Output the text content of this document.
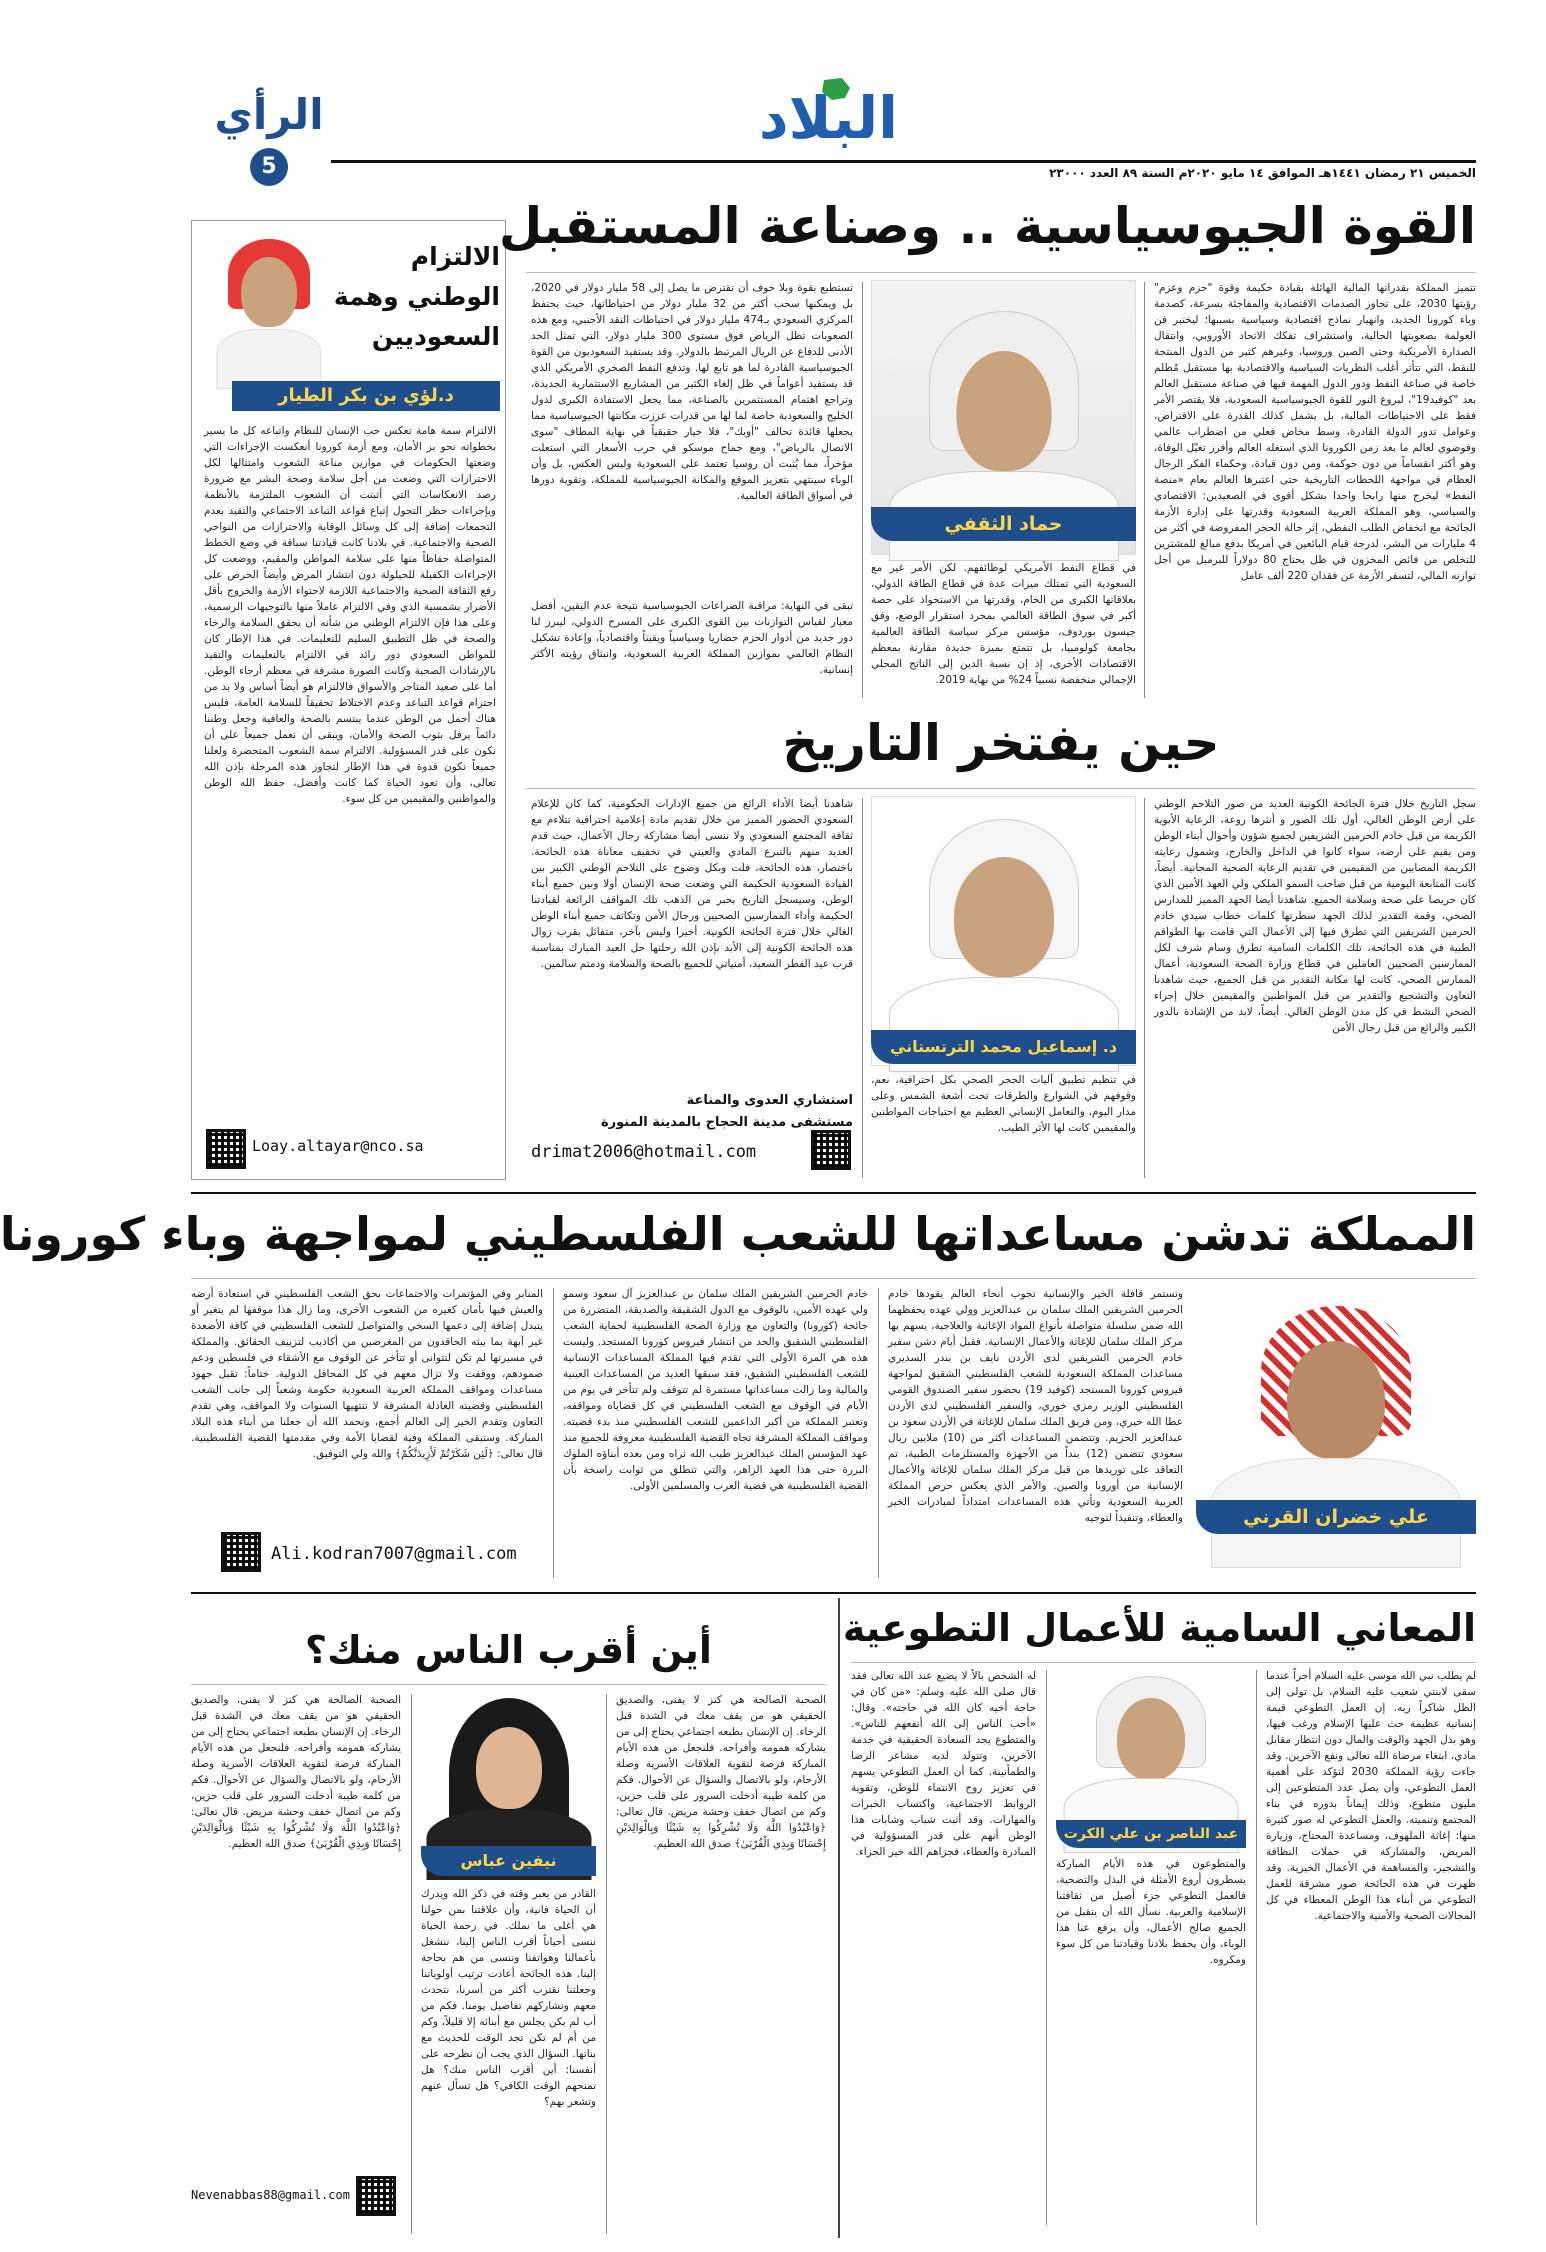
البلاد
الرأي
5	الخميس ٢١ رمضان ١٤٤١هـ الموافق ١٤ مايو ٢٠٢٠م السنة ٨٩ العدد ٢٣٠٠٠
الالتزام
الوطني وهمة
السعوديين
د.لؤي بن بكر الطيار
الالتزام سمة هامة تعكس حب الإنسان للنظام واتباعه كل ما يسير بخطواته نحو بر الأمان، ومع أزمة كورونا أنعكست الإجراءات التي وضعتها الحكومات في موازين مناعة الشعوب وامتثالها لكل الاحترازات التي وضعت من أجل سلامة وصحة البشر مع ضرورة رصد الانعكاسات التي أثبتت أن الشعوب الملتزمة بالأنظمة وبإجراءات حظر التجول إتباع قواعد التباعد الاجتماعي والتقيد بعدم التجمعات إضافة إلى كل وسائل الوقاية والاحترازات من النواحي الصحية والاجتماعية. في بلادنا كانت قيادتنا سباقة في وضع الخطط المتواصلة حفاظاً منها على سلامة المواطن والمقيم، ووضعت كل الإجراءات الكفيلة للحيلولة دون انتشار المرض وأيضاً الحرص على رفع الثقافة الصحية والاجتماعية اللازمة لاحتواء الأزمة والخروج بأقل الأضرار بشمسية الذي وفي الالتزام عاملاً منها بالتوجيهات الرسمية، وعلى هذا فإن الالتزام الوطني من شأنه أن يحقق السلامة والرخاء والصحة في ظل التطبيق السليم للتعليمات. في هذا الإطار كان للمواطن السعودي دور رائد في الالتزام بالتعليمات والتقيد بالإرشادات الصحية وكانت الصورة مشرفة في معظم أرجاء الوطن. أما على صعيد المتاجر والأسواق فالالتزام هو أيضاً أساس ولا بد من احترام قواعد التباعد وعدم الاختلاط تحقيقاً للسلامة العامة، فليس هناك أجمل من الوطن عندما يبتسم بالصحة والعافية وجعل وطننا دائماً يرفل بثوب الصحة والأمان، ويبقى أن نعمل جميعاً على أن نكون على قدر المسؤولية. الالتزام سمة الشعوب المتحضرة ولعلنا جميعاً نكون قدوة في هذا الإطار لتجاوز هذه المرحلة بإذن الله تعالى، وأن تعود الحياة كما كانت وأفضل، حفظ الله الوطن والمواطنين والمقيمين من كل سوء.
Loay.altayar@nco.sa
القوة الجيوسياسية .. وصناعة المستقبل
تتميز المملكة بقدراتها المالية الهائلة بقيادة حكيمة وقوة "حزم وعزم" رؤيتها 2030، على تجاوز الصدمات الاقتصادية والمفاجئة بسرعة، كصدمة وباء كورونا الجديد، وانهيار نماذج اقتصادية وسياسية بسببها؛ ليختبر فن العولمة بصعوبتها الحالية، واستشراف تفكك الاتحاد الأوروبي، وانتقال الصدارة الأمريكية وحتى الصين وروسيا، وغيرهم كثير من الدول المنتجة للنفط، التي تتأثر أغلب النظريات السياسية والاقتصادية بها مستقبل مُظلم خاصة في صناعة النفط ودور الدول المهمة فيها في صناعة مستقبل العالم بعد "كوفيد19"، لبروغ النور للقوة الجيوسياسية السعودية، فلا يقتصر الأمر فقط على الاحتياطات المالية، بل يشمل كذلك القدرة على الاقتراض، وعوامل تدور الدولة القادرة، وسط مخاض فعلي من اضطراب عالمي وفوضوي لعالم ما بعد زمن الكورونا الذي استغله العالم وأفرز تغيّل الوفاة، وهو أكثر انقساماً من دون حوكمة، ومن دون قيادة، وحكماء الفكر الرجال العظام في مواجهة اللحظات التاريخية حتى اعتبرها العالم بعام «منصة النفط» ليخرج منها رابحا واحدا بشكل أقوى في الصعيدين: الاقتصادي والسياسي، وهو المملكة العربية السعودية وقدرتها على إدارة الأزمة الجائحة مع انخفاض الطلب النفطي، إثر حالة الحجر المفروضة في أكثر من 4 مليارات من البشر، لدرجة قيام البائعين في أمريكا بدفع مبالغ للمشترين للتخلص من فائض المخزون في ظل يحتاج 80 دولاراً للبرميل من أجل توازنه المالي، لتسفر الأزمة عن فقدان 220 ألف عامل
حماد الثقفي
في قطاع النفط الأمريكي لوظائفهم. لكن الأمر غير مع السعودية التي تمتلك ميزات عدة في قطاع الطاقة الدولي، بعلاقاتها الكبرى من الخام، وقدرتها من الاستحواذ على حصة أكبر في سوق الطاقة العالمي بمجرد استقرار الوضع، وفق جيسون بوردوف، مؤسس مركز سياسة الطاقة العالمية بجامعة كولومبيا، بل تتمتع بميزة جديدة مقارنة بمعظم الاقتصادات الأخرى، إذ إن نسبة الدين إلى الناتج المحلي الإجمالي منخفضة نسبياً 24% من نهاية 2019.
تستطيع بقوة وبلا خوف أن تقترض ما يصل إلى 58 مليار دولار في 2020، بل ويمكنها سحب أكثر من 32 مليار دولار من احتياطاتها، حيث يحتفظ المركزي السعودي بـ474 مليار دولار في احتياطات النقد الأجنبي، ومع هذه الصعوبات تظل الرياض فوق مستوى 300 مليار دولار، التي تمثل الحد الأدنى للدفاع عن الريال المرتبط بالدولار. وقد يستفيد السعوديون من القوة الجيوسياسية القادرة لما هو تابع لها. وتدفع النفط الصخري الأمريكي الذي قد يستفيد أعواماً في ظل إلغاء الكثير من المشاريع الاستثمارية الجديدة، وتراجع اهتمام المستثمرين بالصناعة، مما يجعل الاستفادة الكبرى لدول الخليج والسعودية خاصة لما لها من قدرات عززت مكانتها الجيوسياسية مما يجعلها قائدة تحالف "أوبك"، فلا خيار حقيقياً في نهاية المطاف "سوى الاتصال بالرياض"، ومع جماح موسكو في حرب الأسعار التي استعلت مؤخراً، مما يُثبت أن روسيا تعتمد على السعودية وليس العكس، بل وأن الوباء سينتهي بتعزيز الموقع والمكانة الجيوسياسية للمملكة، وتقوية دورها في أسواق الطاقة العالمية.
تبقى في النهاية: مراقبة الصراعات الجيوسياسية نتيجة عدم اليقين، أفضل معيار لقياس التوازنات بين القوى الكبرى على المسرح الدولي، ليبرز لنا دور جديد من أدوار الحزم حضاريا وسياسياً ويقيناً واقتصادياً، وإعادة تشكيل النظام العالمي بموازين المملكة العربية السعودية، وانبثاق رؤيته الأكثر إنسانية.
حين يفتخر التاريخ
سجل التاريخ خلال فترة الجائحة الكونية العديد من صور التلاحم الوطني على أرض الوطن الغالي، أول تلك الصور و أنثرها روعة، الرعاية الأبوية الكريمة من قبل خادم الحرمين الشريفين لجميع شؤون وأحوال أبناء الوطن ومن يقيم على أرضه، سواء كانوا في الداخل والخارج، وشمول رعايته الكريمة المصابين من المقيمين في تقديم الرعاية الصحية المجانية. أيضاً، كانت المتابعة اليومية من قبل صاحب السمو الملكي ولي العهد الأمين الذي كان حريصا على صحة وسلامة الجميع. شاهدنا أيضا الجهد المميز للمدارس الصحي، وقمة التقدير لذلك الجهد سطرتها كلمات خطاب سيدي خادم الحرمين الشريفين التي تطرق فيها إلى الأعمال التي قامت بها الطواقم الطبية في هذه الجائحة، تلك الكلمات السامية تطرق وسام شرف لكل الممارسين الصحيين العاملين في قطاع وزارة الصحة السعودية، أعمال الممارس الصحي، كانت لها مكانة التقدير من قبل الجميع، حيث شاهدنا التعاون والتشجيع والتقدير من قبل المواطنين والمقيمين خلال إجراء الصحي النشط في كل مدن الوطن الغالي. أيضاً، لابد من الإشادة بالدور الكبير والرائع من قبل رجال الأمن
د. إسماعيل محمد الترتستاني
في تنظيم تطبيق آليات الحجر الصحي بكل احترافية، نعم، وقوفهم في الشوارع والطرقات تحت أشعة الشمس وعلى مدار اليوم، والتعامل الإنساني العظيم مع احتياجات المواطنين والمقيمين كانت لها الأثر الطيب.
شاهدنا أيضا الأداء الرائع من جميع الإدارات الحكومية، كما كان للإعلام السعودي الحضور المميز من خلال تقديم مادة إعلامية احترافية تتلاءم مع ثقافة المجتمع السعودي ولا ننسى أيضا مشاركة رجال الأعمال، حيث قدم العديد منهم بالتبرع المادي والعيني في تخفيف معاناة هذه الجائحة. باختصار، هذه الجائحة، فلت وبكل وضوح على التلاحم الوطني الكبير بين القيادة السعودية الحكيمة التي وضعت صحة الإنسان أولا وبين جميع أبناء الوطن، وسيسجل التاريخ بحبر من الذهب تلك المواقف الرائعة لقيادتنا الحكيمة وأداء الممارسين الصحيين ورجال الأمن وتكاتف جميع أبناء الوطن الغالي خلال فترة الجائحة الكونية. أخيرا وليس بآخر، متفائل بقرب زوال هذه الجائحة الكونية إلى الأبد بإذن الله رحلتها حل العيد المبارك بمناسبة قرب عيد الفطر السعيد، أمنياتي للجميع بالصحة والسلامة ودمتم سالمين.
استشاري العدوى والمناعة
مستشفى مدينة الحجاج بالمدينة المنورة
drimat2006@hotmail.com
المملكة تدشن مساعداتها للشعب الفلسطيني لمواجهة وباء كورونا
علي خضران القرني
وتستمر قافلة الخير والإنسانية تجوب أنحاء العالم يقودها خادم الحرمين الشريفين الملك سلمان بن عبدالعزيز وولي عهده يحفظهما الله ضمن سلسلة متواصلة بأنواع المواد الإغاثية والعلاجية، يسهم بها مركز الملك سلمان للإغاثة والأعمال الإنسانية. فقبل أيام دشن سفير خادم الحرمين الشريفين لدى الأردن نايف بن بندر السديري مساعدات المملكة السعودية للشعب الفلسطيني الشقيق لمواجهة فيروس كورونا المستجد (كوفيد 19) بحضور سفير الصندوق القومي الفلسطيني الوزير رمزي خوري، والسفير الفلسطيني لدى الأردن عطا الله خيري، ومن فريق الملك سلمان للإغاثة في الأردن سعود بن عبدالعزيز الحزيم. وتتضمن المساعدات أكثر من (10) ملايين ريال سعودي تتضمن (12) بنداً من الأجهزة والمستلزمات الطبية، تم التعاقد على توريدها من قبل مركز الملك سلمان للإغاثة والأعمال الإنسانية من أوروبا والصين. والأمر الذي يعكس حرص المملكة العربية السعودية وتأتي هذه المساعدات امتداداً لمبادرات الخير والعطاء، وتنفيذاً لتوجيه
خادم الحرمين الشريفين الملك سلمان بن عبدالعزيز آل سعود وسمو ولي عهده الأمين، بالوقوف مع الدول الشقيقة والصديقة، المتضررة من جائحة (كورونا) والتعاون مع وزارة الصحة الفلسطينية لحماية الشعب الفلسطيني الشقيق والحد من انتشار فيروس كورونا المستجد. وليست هذه هي المرة الأولى التي تقدم فيها المملكة المساعدات الإنسانية للشعب الفلسطيني الشقيق، فقد سبقها العديد من المساعدات العينية والمالية وما زالت مساعداتها مستمرة لم تتوقف ولم تتأخر في يوم من الأيام في الوقوف مع الشعب الفلسطيني في كل قضاياه ومواقفه، وتعتبر المملكة من أكبر الداعمين للشعب الفلسطيني منذ بدء قضيته. ومواقف المملكة المشرفة تجاه القضية الفلسطينية معروفة للجميع منذ عهد المؤسس الملك عبدالعزيز طيب الله ثراه ومن بعده أبناؤه الملوك البررة حتى هذا العهد الزاهر، والتي تنطلق من ثوابت راسخة بأن القضية الفلسطينية هي قضية العرب والمسلمين الأولى.
المنابر وفي المؤتمرات والاجتماعات بحق الشعب الفلسطيني في استعادة أرضه والعيش فيها بأمان كغيره من الشعوب الأخرى، وما زال هذا موقفها لم يتغير أو يتبدل إضافة إلى دعمها السخي والمتواصل للشعب الفلسطيني في كافة الأصعدة غير آبهة بما يبثه الحاقدون من المغرضين من أكاذيب لتزييف الحقائق. والمملكة في مسيرتها لم تكن لتتوانى أو تتأخر عن الوقوف مع الأشقاء في فلسطين ودعم صمودهم، ووقفت ولا تزال معهم في كل المحافل الدولية. ختاماً: تقبل جهود مساعدات ومواقف المملكة العربية السعودية حكومة وشعباً إلى جانب الشعب الفلسطيني وقضيته العادلة المشرفة لا تنتهيها السنوات ولا المواقف، وهي تقدم التعاون وتقدم الخير إلى العالم أجمع، ونحمد الله أن جعلنا من أبناء هذه البلاد المباركة. وستبقى المملكة وفية لقضايا الأمة وفي مقدمتها القضية الفلسطينية. قال تعالى: ﴿لَئِن شَكَرْتُمْ لَأَزِيدَنَّكُمْ﴾ والله ولي التوفيق.
Ali.kodran7007@gmail.com
المعاني السامية للأعمال التطوعية
لم يطلب نبي الله موسى عليه السلام أجراً عندما سقى لابنتي شعيب عليه السلام، بل تولى إلى الظل شاكراً ربه. إن العمل التطوعي قيمة إنسانية عظيمة حث عليها الإسلام ورغب فيها، وهو بذل الجهد والوقت والمال دون انتظار مقابل مادي، ابتغاء مرضاة الله تعالى ونفع الآخرين. وقد جاءت رؤية المملكة 2030 لتؤكد على أهمية العمل التطوعي، وأن يصل عدد المتطوعين إلى مليون متطوع، وذلك إيماناً بدوره في بناء المجتمع وتنميته. والعمل التطوعي له صور كثيرة منها: إغاثة الملهوف، ومساعدة المحتاج، وزيارة المريض، والمشاركة في حملات النظافة والتشجير، والمساهمة في الأعمال الخيرية. وقد ظهرت في هذه الجائحة صور مشرقة للعمل التطوعي من أبناء هذا الوطن المعطاء في كل المجالات الصحية والأمنية والاجتماعية.
عبد الناصر بن علي الكرت
والمتطوعون في هذه الأيام المباركة يسطرون أروع الأمثلة في البذل والتضحية، فالعمل التطوعي جزء أصيل من ثقافتنا الإسلامية والعربية. نسأل الله أن يتقبل من الجميع صالح الأعمال، وأن يرفع عنا هذا الوباء، وأن يحفظ بلادنا وقيادتنا من كل سوء ومكروه.
له الشخص بالاً لا يضيع عند الله تعالى فقد قال صلى الله عليه وسلم: «من كان في حاجة أخيه كان الله في حاجته». وقال: «أحب الناس إلى الله أنفعهم للناس». والمتطوع يجد السعادة الحقيقية في خدمة الآخرين، وتتولد لديه مشاعر الرضا والطمأنينة. كما أن العمل التطوعي يسهم في تعزيز روح الانتماء للوطن، وتقوية الروابط الاجتماعية، واكتساب الخبرات والمهارات. وقد أثبت شباب وشابات هذا الوطن أنهم على قدر المسؤولية في المبادرة والعطاء، فجزاهم الله خير الجزاء.
أين أقرب الناس منك؟
الصحبة الصالحة هي كنز لا يفنى، والصديق الحقيقي هو من يقف معك في الشدة قبل الرخاء. إن الإنسان بطبعه اجتماعي يحتاج إلى من يشاركه همومه وأفراحه. فلنجعل من هذه الأيام المباركة فرصة لتقوية العلاقات الأسرية وصلة الأرحام، ولو بالاتصال والسؤال عن الأحوال. فكم من كلمة طيبة أدخلت السرور على قلب حزين، وكم من اتصال خفف وحشة مريض. قال تعالى: ﴿وَاعْبُدُوا اللَّهَ وَلَا تُشْرِكُوا بِهِ شَيْئًا وَبِالْوَالِدَيْنِ إِحْسَانًا وَبِذِي الْقُرْبَىٰ﴾ صدق الله العظيم.
نيفين عباس
القادر من يعبر وقته في ذكر الله ويدرك أن الحياة فانية، وأن علاقتنا بمن حولنا هي أغلى ما نملك. في زحمة الحياة ننسى أحياناً أقرب الناس إلينا، ننشغل بأعمالنا وهواتفنا وننسى من هم بحاجة إلينا. هذه الجائحة أعادت ترتيب أولوياتنا وجعلتنا نقترب أكثر من أسرنا، نتحدث معهم ونشاركهم تفاصيل يومنا. فكم من أب لم يكن يجلس مع أبنائه إلا قليلاً، وكم من أم لم تكن تجد الوقت للحديث مع بناتها. السؤال الذي يجب أن نطرحه على أنفسنا: أين أقرب الناس منك؟ هل تمنحهم الوقت الكافي؟ هل تسأل عنهم وتشعر بهم؟
الصحبة الصالحة هي كنز لا يفنى، والصديق الحقيقي هو من يقف معك في الشدة قبل الرخاء. إن الإنسان بطبعه اجتماعي يحتاج إلى من يشاركه همومه وأفراحه. فلنجعل من هذه الأيام المباركة فرصة لتقوية العلاقات الأسرية وصلة الأرحام، ولو بالاتصال والسؤال عن الأحوال. فكم من كلمة طيبة أدخلت السرور على قلب حزين، وكم من اتصال خفف وحشة مريض. قال تعالى: ﴿وَاعْبُدُوا اللَّهَ وَلَا تُشْرِكُوا بِهِ شَيْئًا وَبِالْوَالِدَيْنِ إِحْسَانًا وَبِذِي الْقُرْبَىٰ﴾ صدق الله العظيم.
Nevenabbas88@gmail.com
